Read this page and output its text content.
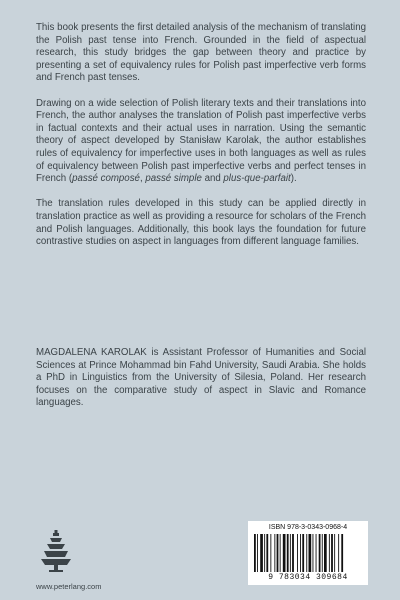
This book presents the first detailed analysis of the mechanism of translating the Polish past tense into French. Grounded in the field of aspectual research, this study bridges the gap between theory and practice by presenting a set of equivalency rules for Polish past imperfective verb forms and French past tenses.

Drawing on a wide selection of Polish literary texts and their translations into French, the author analyses the translation of Polish past imperfective verbs in factual contexts and their actual uses in narration. Using the semantic theory of aspect developed by Stanisław Karolak, the author establishes rules of equivalency for imperfective uses in both languages as well as rules of equivalency between Polish past imperfective verbs and perfect tenses in French (passé composé, passé simple and plus-que-parfait).

The translation rules developed in this study can be applied directly in translation practice as well as providing a resource for scholars of the French and Polish languages. Additionally, this book lays the foundation for future contrastive studies on aspect in languages from different language families.

MAGDALENA KAROLAK is Assistant Professor of Humanities and Social Sciences at Prince Mohammad bin Fahd University, Saudi Arabia. She holds a PhD in Linguistics from the University of Silesia, Poland. Her research focuses on the comparative study of aspect in Slavic and Romance languages.

www.peterlang.com
ISBN 978-3-0343-0968-4
9 783034 309684
